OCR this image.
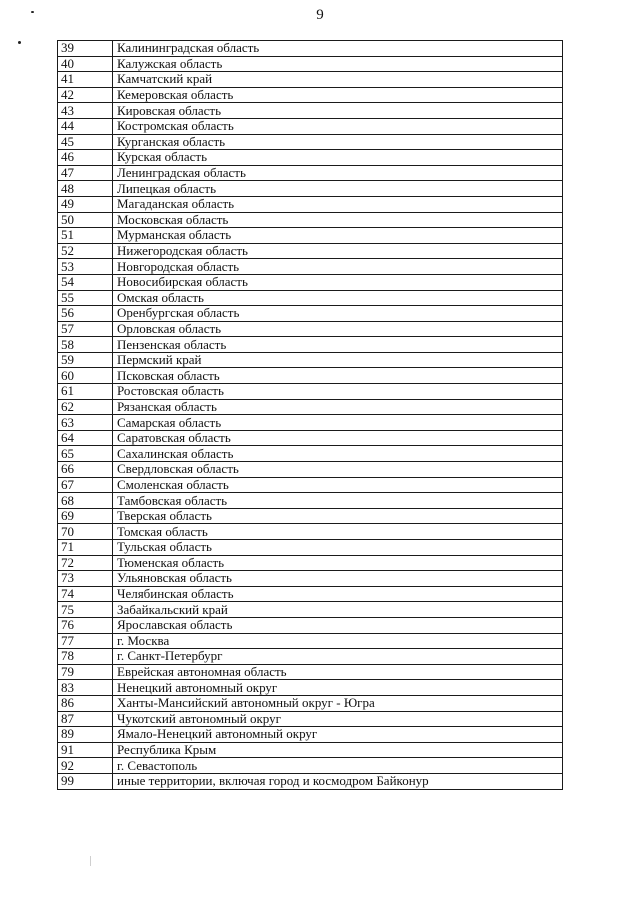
9
39	Калининградская область
40	Калужская область
41	Камчатский край
42	Кемеровская область
43	Кировская область
44	Костромская область
45	Курганская область
46	Курская область
47	Ленинградская область
48	Липецкая область
49	Магаданская область
50	Московская область
51	Мурманская область
52	Нижегородская область
53	Новгородская область
54	Новосибирская область
55	Омская область
56	Оренбургская область
57	Орловская область
58	Пензенская область
59	Пермский край
60	Псковская область
61	Ростовская область
62	Рязанская область
63	Самарская область
64	Саратовская область
65	Сахалинская область
66	Свердловская область
67	Смоленская область
68	Тамбовская область
69	Тверская область
70	Томская область
71	Тульская область
72	Тюменская область
73	Ульяновская область
74	Челябинская область
75	Забайкальский край
76	Ярославская область
77	г. Москва
78	г. Санкт-Петербург
79	Еврейская автономная область
83	Ненецкий автономный округ
86	Ханты-Мансийский автономный округ - Югра
87	Чукотский автономный округ
89	Ямало-Ненецкий автономный округ
91	Республика Крым
92	г. Севастополь
99	иные территории, включая город и космодром Байконур
